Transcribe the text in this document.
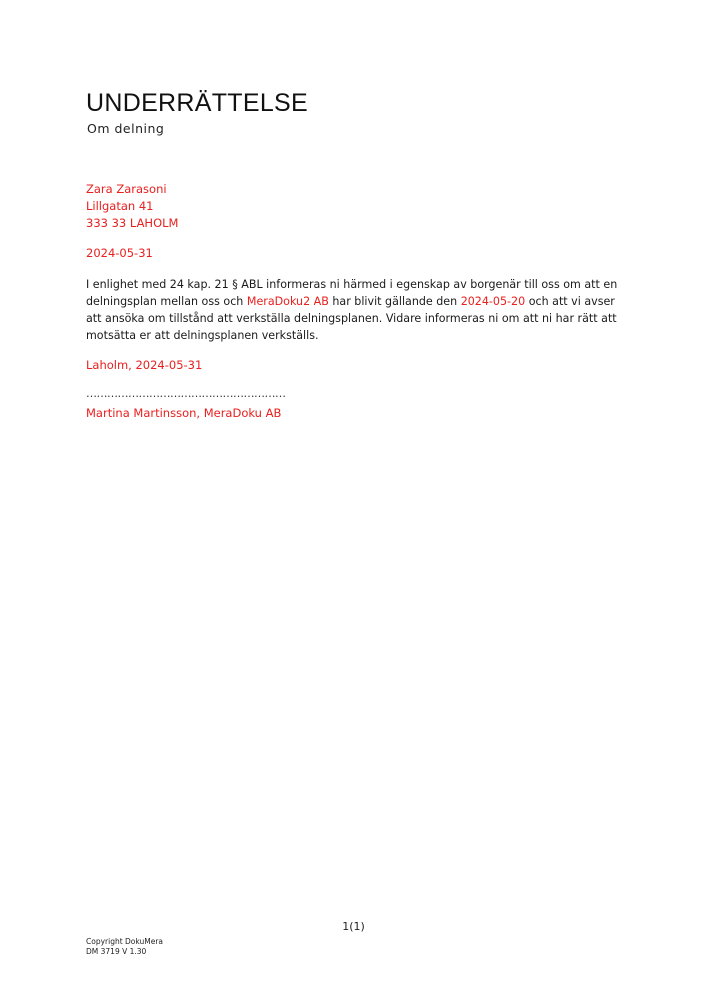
UNDERRÄTTELSE
Om delning
Zara Zarasoni
Lillgatan 41
333 33 LAHOLM
2024-05-31
I enlighet med 24 kap. 21 § ABL informeras ni härmed i egenskap av borgenär till oss om att en delningsplan mellan oss och MeraDoku2 AB har blivit gällande den 2024-05-20 och att vi avser att ansöka om tillstånd att verkställa delningsplanen. Vidare informeras ni om att ni har rätt att motsätta er att delningsplanen verkställs.
Laholm, 2024-05-31
…………………………………………………
Martina Martinsson, MeraDoku AB
1(1)
Copyright DokuMera
DM 3719 V 1.30
